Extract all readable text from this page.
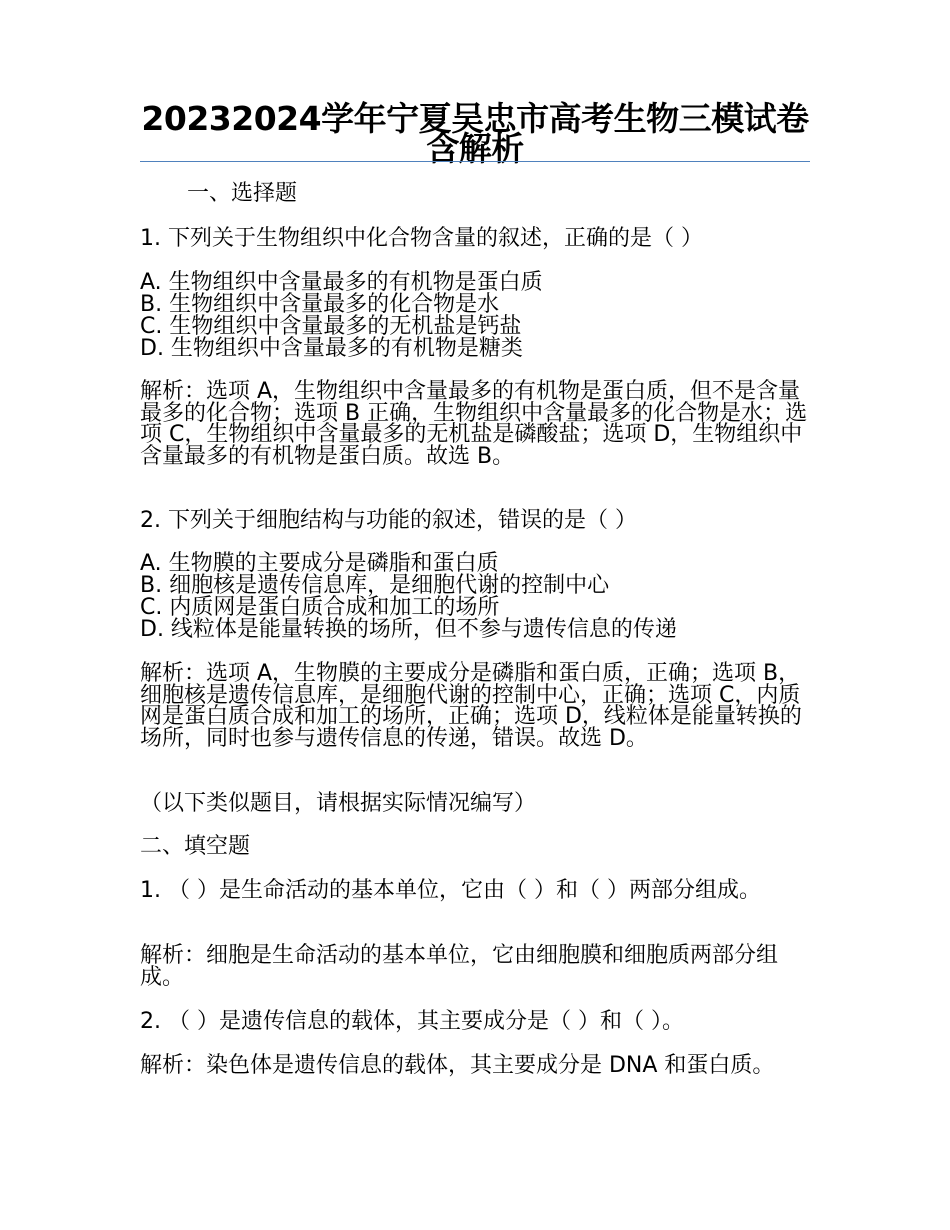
20232024学年宁夏吴忠市高考生物三模试卷含解析

一、选择题

1. 下列关于生物组织中化合物含量的叙述，正确的是（ ）

A. 生物组织中含量最多的有机物是蛋白质

B. 生物组织中含量最多的化合物是水

C. 生物组织中含量最多的无机盐是钙盐

D. 生物组织中含量最多的有机物是糖类

解析：选项 A，生物组织中含量最多的有机物是蛋白质，但不是含量最多的化合物；选项 B 正确，生物组织中含量最多的化合物是水；选项 C，生物组织中含量最多的无机盐是磷酸盐；选项 D，生物组织中含量最多的有机物是蛋白质。故选 B。

2. 下列关于细胞结构与功能的叙述，错误的是（ ）

A. 生物膜的主要成分是磷脂和蛋白质

B. 细胞核是遗传信息库，是细胞代谢的控制中心

C. 内质网是蛋白质合成和加工的场所

D. 线粒体是能量转换的场所，但不参与遗传信息的传递

解析：选项 A，生物膜的主要成分是磷脂和蛋白质，正确；选项 B，细胞核是遗传信息库，是细胞代谢的控制中心，正确；选项 C，内质网是蛋白质合成和加工的场所，正确；选项 D，线粒体是能量转换的场所，同时也参与遗传信息的传递，错误。故选 D。

（以下类似题目，请根据实际情况编写）

二、填空题

1. （ ）是生命活动的基本单位，它由（ ）和（ ）两部分组成。

解析：细胞是生命活动的基本单位，它由细胞膜和细胞质两部分组成。

2. （ ）是遗传信息的载体，其主要成分是（ ）和（ ）。

解析：染色体是遗传信息的载体，其主要成分是 DNA 和蛋白质。
